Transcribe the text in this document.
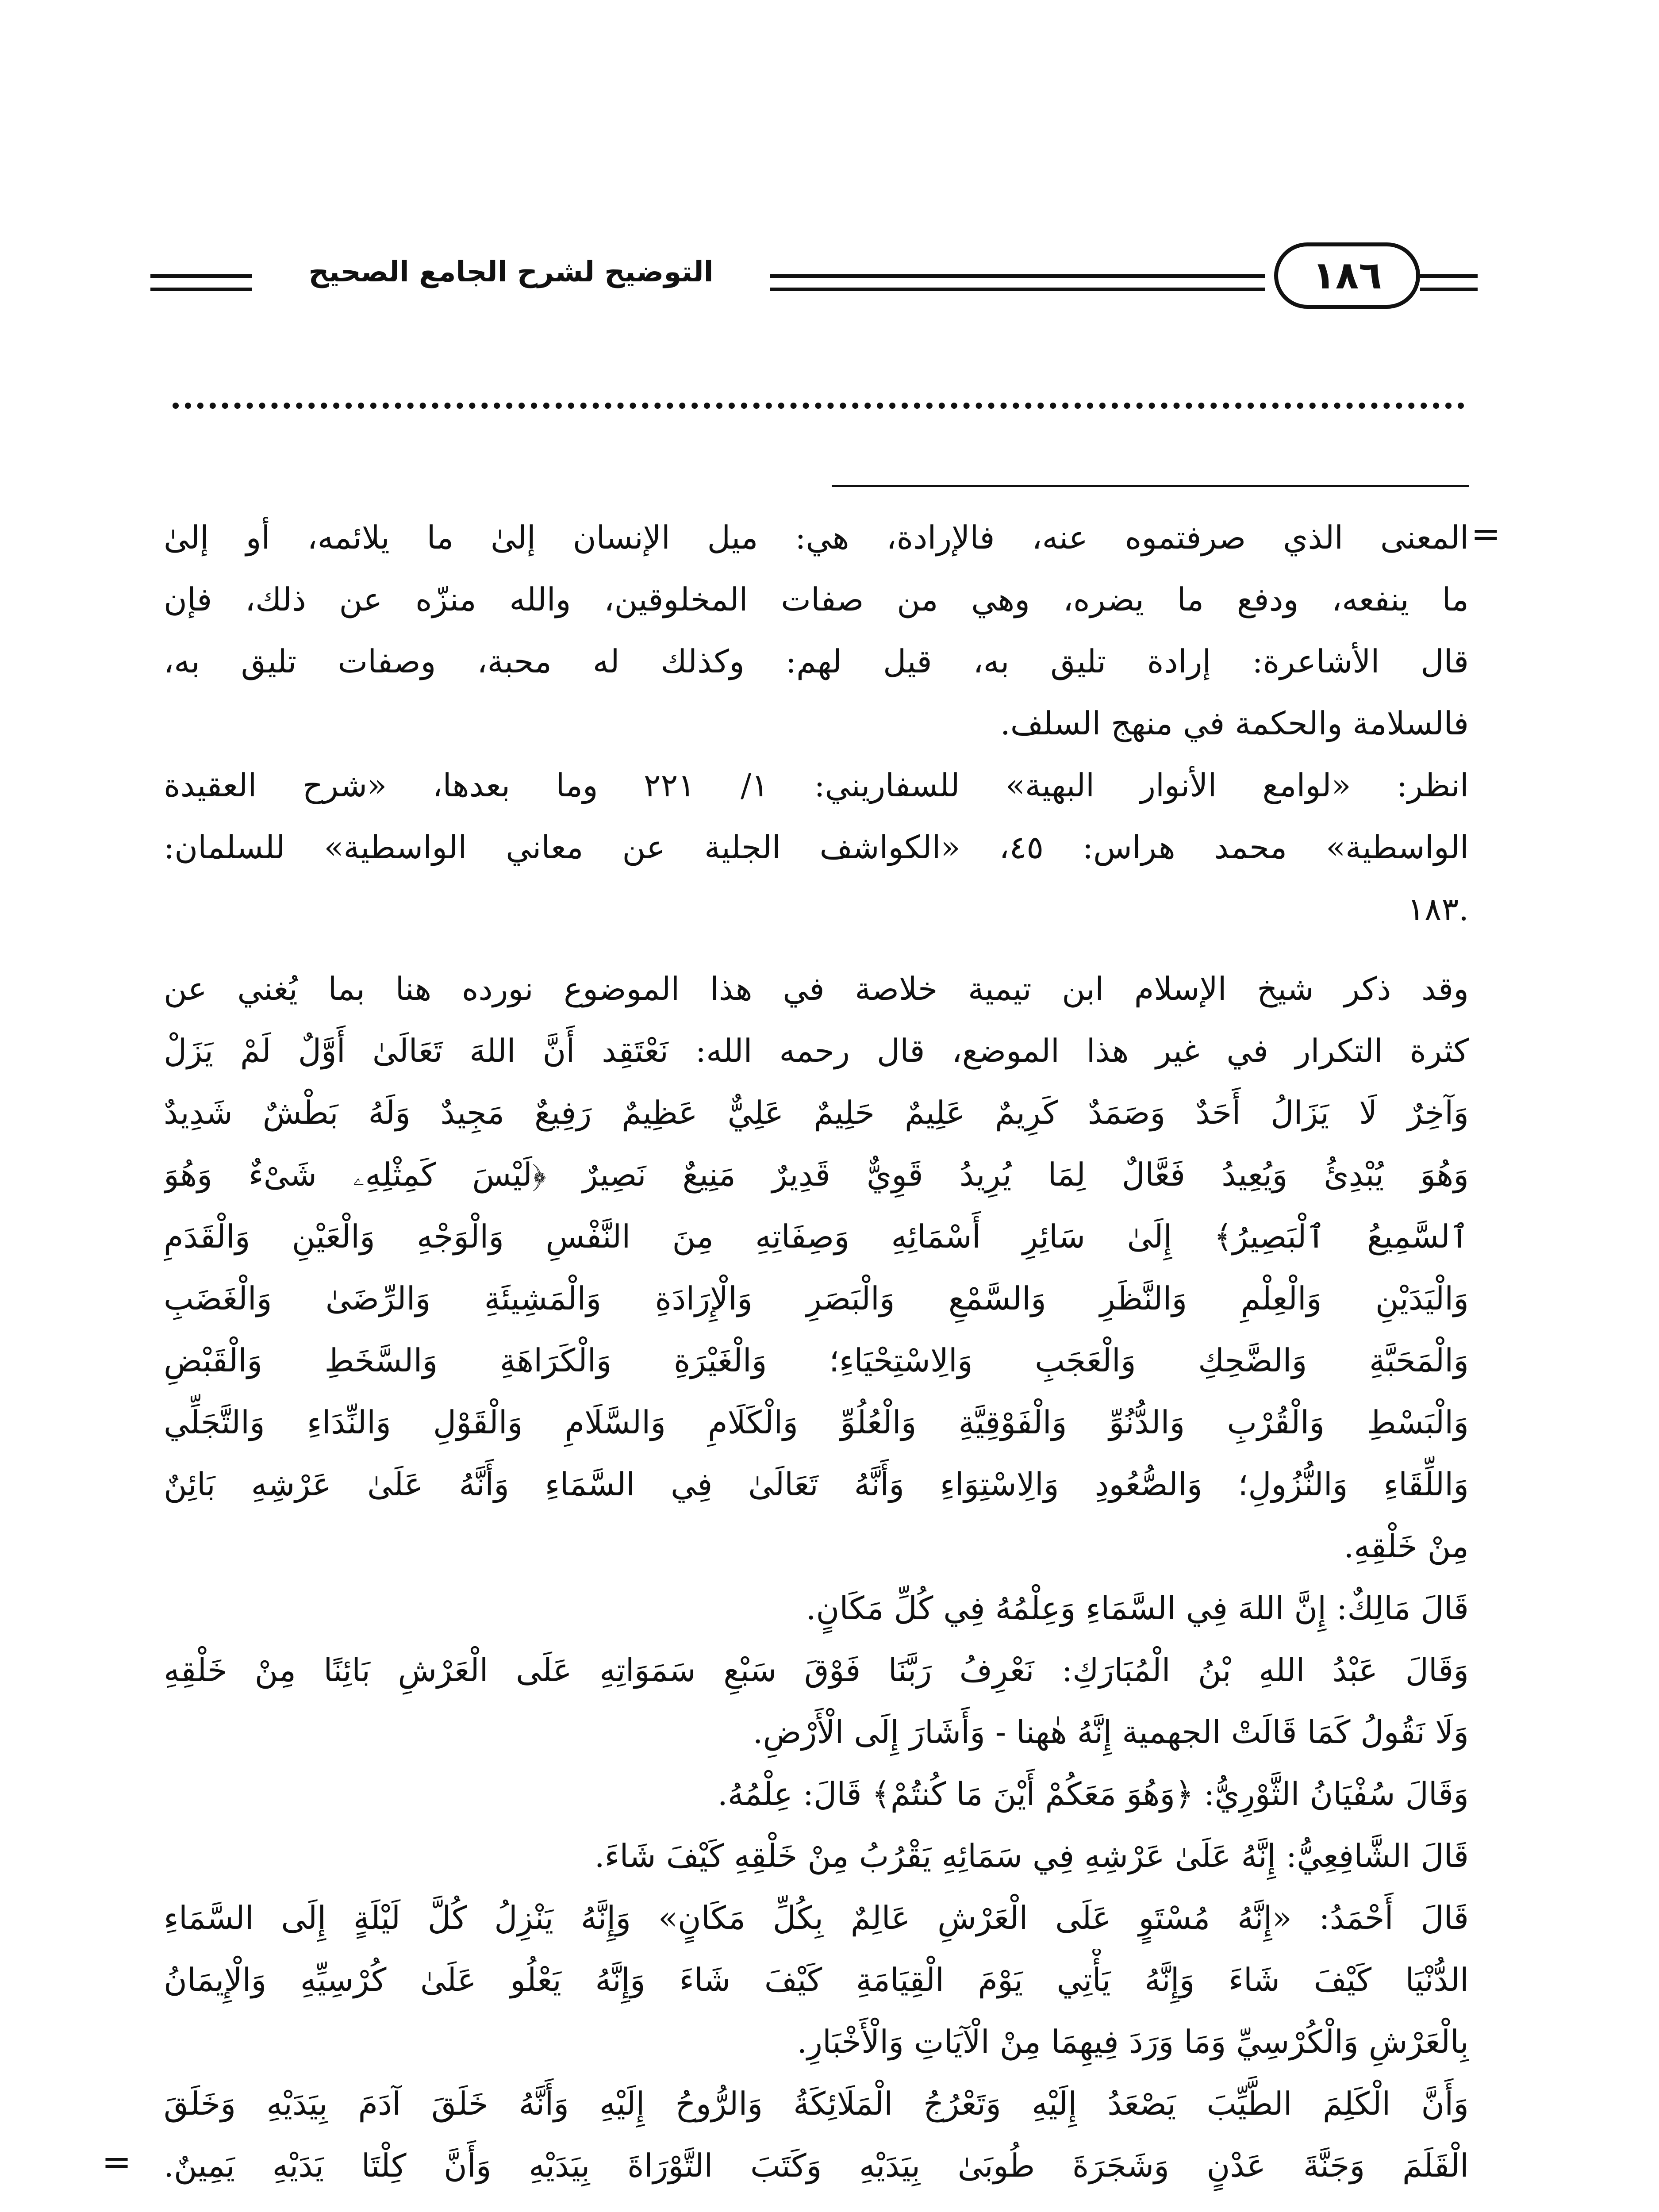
التوضيح لشرح الجامع الصحيح	١٨٦
=
المعنى الذي صرفتموه عنه، فالإرادة، هي: ميل الإنسان إلىٰ ما يلائمه، أو إلىٰ
ما ينفعه، ودفع ما يضره، وهي من صفات المخلوقين، والله منزّه عن ذلك، فإن
قال الأشاعرة: إرادة تليق به، قيل لهم: وكذلك له محبة، وصفات تليق به،
فالسلامة والحكمة في منهج السلف.
انظر: «لوامع الأنوار البهية» للسفاريني: ١/ ٢٢١ وما بعدها، «شرح العقيدة
الواسطية» محمد هراس: ٤٥، «الكواشف الجلية عن معاني الواسطية» للسلمان:
.١٨٣
وقد ذكر شيخ الإسلام ابن تيمية خلاصة في هذا الموضوع نورده هنا بما يُغني عن
كثرة التكرار في غير هذا الموضع، قال رحمه الله: نَعْتَقِد أَنَّ اللهَ تَعَالَىٰ أَوَّلٌ لَمْ يَزَلْ
وَآخِرٌ لَا يَزَالُ أَحَدٌ وَصَمَدٌ كَرِيمٌ عَلِيمٌ حَلِيمٌ عَلِيٌّ عَظِيمٌ رَفِيعٌ مَجِيدٌ وَلَهُ بَطْشٌ شَدِيدٌ
وَهُوَ يُبْدِئُ وَيُعِيدُ فَعَّالٌ لِمَا يُرِيدُ قَوِيٌّ قَدِيرٌ مَنِيعٌ نَصِيرٌ ﴿لَيْسَ كَمِثْلِهِۦ شَىْءٌ وَهُوَ
ٱلسَّمِيعُ ٱلْبَصِيرُ﴾ إِلَىٰ سَائِرِ أَسْمَائِهِ وَصِفَاتِهِ مِنَ النَّفْسِ وَالْوَجْهِ وَالْعَيْنِ وَالْقَدَمِ
وَالْيَدَيْنِ وَالْعِلْمِ وَالنَّظَرِ وَالسَّمْعِ وَالْبَصَرِ وَالْإِرَادَةِ وَالْمَشِيئَةِ وَالرِّضَىٰ وَالْغَضَبِ
وَالْمَحَبَّةِ وَالضَّحِكِ وَالْعَجَبِ وَالِاسْتِحْيَاءِ؛ وَالْغَيْرَةِ وَالْكَرَاهَةِ وَالسَّخَطِ وَالْقَبْضِ
وَالْبَسْطِ وَالْقُرْبِ وَالدُّنُوِّ وَالْفَوْقِيَّةِ وَالْعُلُوِّ وَالْكَلَامِ وَالسَّلَامِ وَالْقَوْلِ وَالنِّدَاءِ وَالتَّجَلِّي
وَاللِّقَاءِ وَالنُّزُولِ؛ وَالصُّعُودِ وَالِاسْتِوَاءِ وَأَنَّهُ تَعَالَىٰ فِي السَّمَاءِ وَأَنَّهُ عَلَىٰ عَرْشِهِ بَائِنٌ
مِنْ خَلْقِهِ.
قَالَ مَالِكٌ: إِنَّ اللهَ فِي السَّمَاءِ وَعِلْمُهُ فِي كُلِّ مَكَانٍ.
وَقَالَ عَبْدُ اللهِ بْنُ الْمُبَارَكِ: نَعْرِفُ رَبَّنَا فَوْقَ سَبْعِ سَمَوَاتِهِ عَلَى الْعَرْشِ بَائِنًا مِنْ خَلْقِهِ
وَلَا نَقُولُ كَمَا قَالَتْ الجهمية إِنَّهُ هٰهنا - وَأَشَارَ إِلَى الْأَرْضِ.
وَقَالَ سُفْيَانُ الثَّوْرِيُّ: ﴿وَهُوَ مَعَكُمْ أَيْنَ مَا كُنتُمْ﴾ قَالَ: عِلْمُهُ.
قَالَ الشَّافِعِيُّ: إِنَّهُ عَلَىٰ عَرْشِهِ فِي سَمَائِهِ يَقْرُبُ مِنْ خَلْقِهِ كَيْفَ شَاءَ.
قَالَ أَحْمَدُ: «إِنَّهُ مُسْتَوٍ عَلَى الْعَرْشِ عَالِمٌ بِكُلِّ مَكَانٍ» وَإِنَّهُ يَنْزِلُ كُلَّ لَيْلَةٍ إِلَى السَّمَاءِ
الدُّنْيَا كَيْفَ شَاءَ وَإِنَّهُ يَأْتِي يَوْمَ الْقِيَامَةِ كَيْفَ شَاءَ وَإِنَّهُ يَعْلُو عَلَىٰ كُرْسِيِّهِ وَالْإِيمَانُ
بِالْعَرْشِ وَالْكُرْسِيِّ وَمَا وَرَدَ فِيهِمَا مِنْ الْآيَاتِ وَالْأَخْبَارِ.
وَأَنَّ الْكَلِمَ الطَّيِّبَ يَصْعَدُ إِلَيْهِ وَتَعْرُجُ الْمَلَائِكَةُ وَالرُّوحُ إِلَيْهِ وَأَنَّهُ خَلَقَ آدَمَ بِيَدَيْهِ وَخَلَقَ
الْقَلَمَ وَجَنَّةَ عَدْنٍ وَشَجَرَةَ طُوبَىٰ بِيَدَيْهِ وَكَتَبَ التَّوْرَاةَ بِيَدَيْهِ وَأَنَّ كِلْتَا يَدَيْهِ يَمِينٌ.
=
